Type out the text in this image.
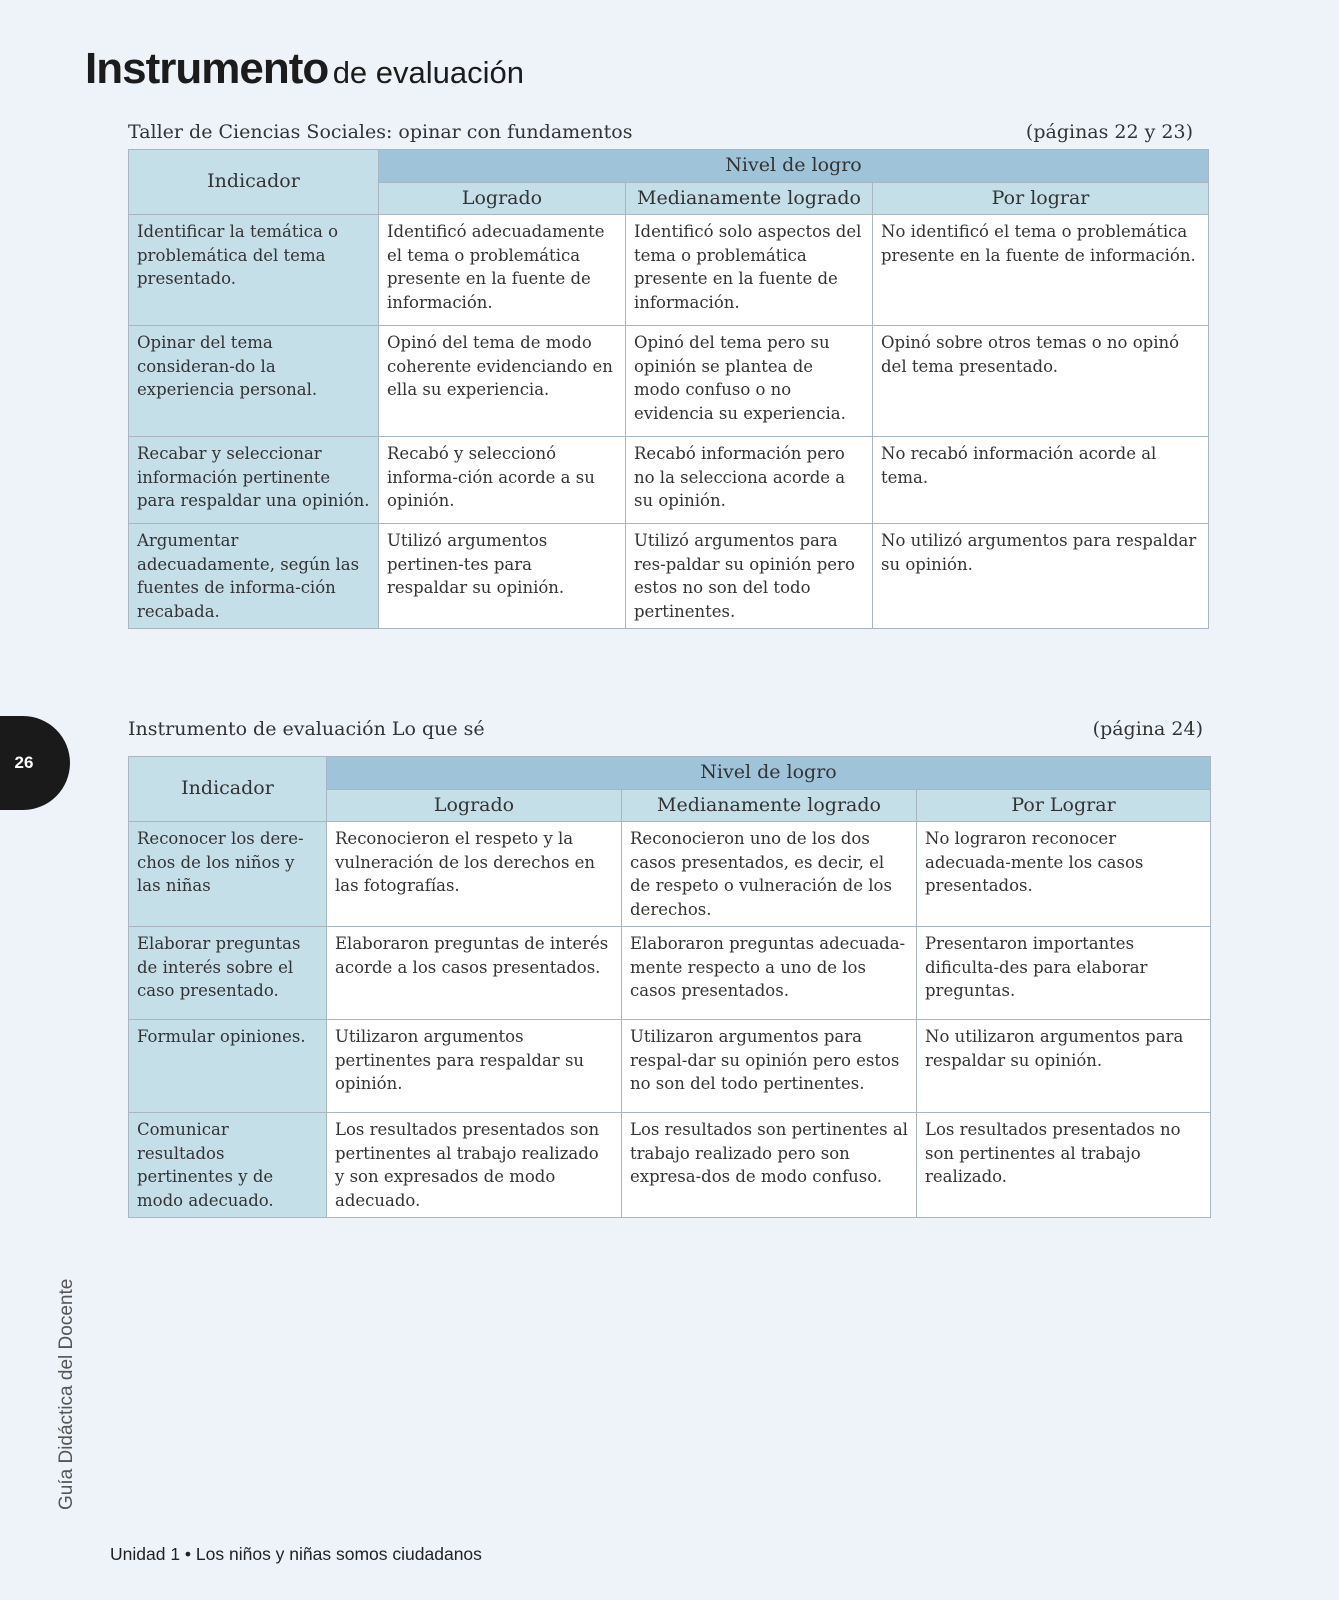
Instrumento de evaluación
Taller de Ciencias Sociales: opinar con fundamentos	(páginas 22 y 23)
Indicador	Nivel de logro		
	Logrado	Medianamente logrado	Por lograr
Identificar la temática o problemática del tema presentado.	Identificó adecuadamente el tema o problemática presente en la fuente de información.	Identificó solo aspectos del tema o problemática presente en la fuente de información.	No identificó el tema o problemática presente en la fuente de información.
Opinar del tema consideran-do la experiencia personal.	Opinó del tema de modo coherente evidenciando en ella su experiencia.	Opinó del tema pero su opinión se plantea de modo confuso o no evidencia su experiencia.	Opinó sobre otros temas o no opinó del tema presentado.
Recabar y seleccionar información pertinente para respaldar una opinión.	Recabó y seleccionó informa-ción acorde a su opinión.	Recabó información pero no la selecciona acorde a su opinión.	No recabó información acorde al tema.
Argumentar adecuadamente, según las fuentes de informa-ción recabada.	Utilizó argumentos pertinen-tes para respaldar su opinión.	Utilizó argumentos para res-paldar su opinión pero estos no son del todo pertinentes.	No utilizó argumentos para respaldar su opinión.
Instrumento de evaluación Lo que sé	(página 24)
Indicador	Nivel de logro		
	Logrado	Medianamente logrado	Por Lograr
Reconocer los dere-chos de los niños y las niñas	Reconocieron el respeto y la vulneración de los derechos en las fotografías.	Reconocieron uno de los dos casos presentados, es decir, el de respeto o vulneración de los derechos.	No lograron reconocer adecuada-mente los casos presentados.
Elaborar preguntas de interés sobre el caso presentado.	Elaboraron preguntas de interés acorde a los casos presentados.	Elaboraron preguntas adecuada-mente respecto a uno de los casos presentados.	Presentaron importantes dificulta-des para elaborar preguntas.
Formular opiniones.	Utilizaron argumentos pertinentes para respaldar su opinión.	Utilizaron argumentos para respal-dar su opinión pero estos no son del todo pertinentes.	No utilizaron argumentos para respaldar su opinión.
Comunicar resultados pertinentes y de modo adecuado.	Los resultados presentados son pertinentes al trabajo realizado y son expresados de modo adecuado.	Los resultados son pertinentes al trabajo realizado pero son expresa-dos de modo confuso.	Los resultados presentados no son pertinentes al trabajo realizado.
26
Guía Didáctica del Docente
Unidad 1 • Los niños y niñas somos ciudadanos
